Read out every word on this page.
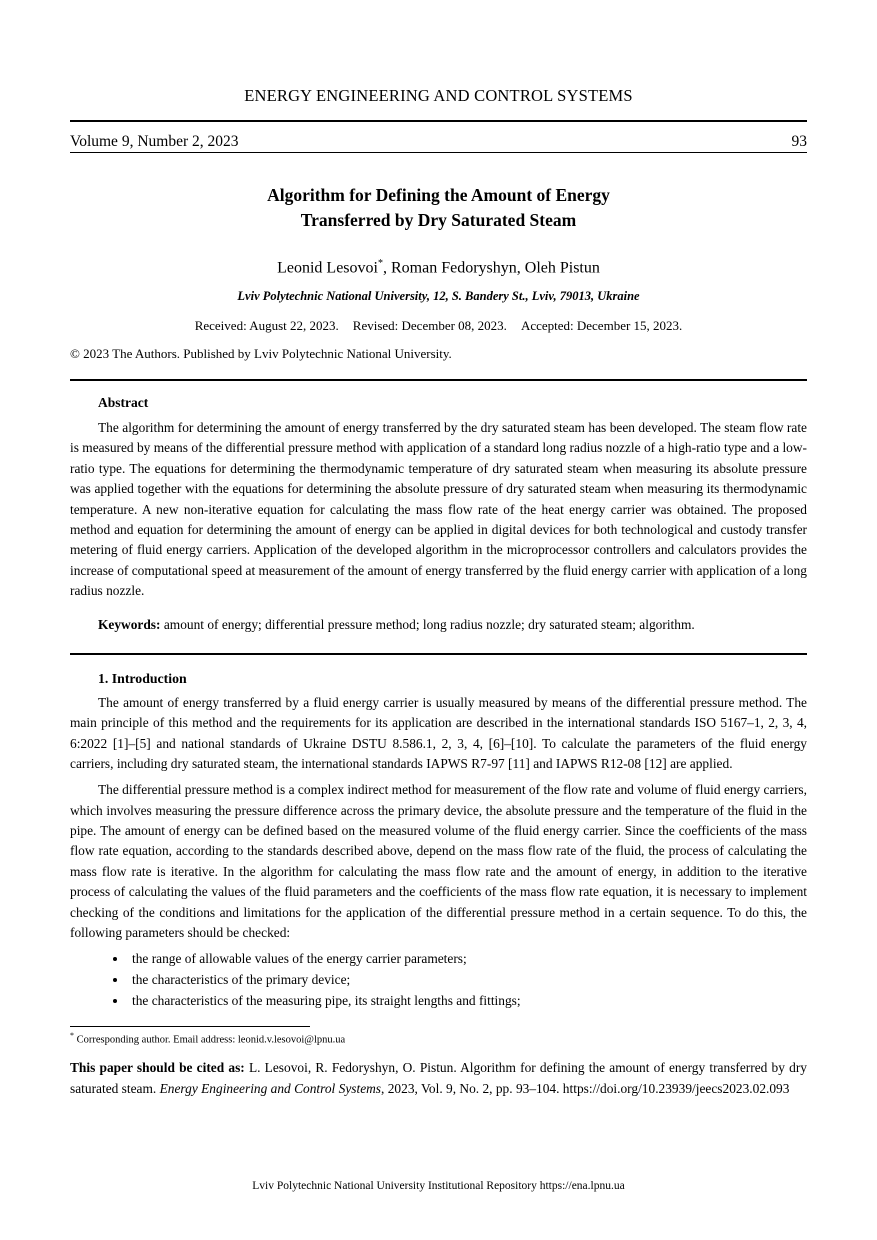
ENERGY ENGINEERING AND CONTROL SYSTEMS
Volume 9, Number 2, 2023	93
Algorithm for Defining the Amount of Energy
Transferred by Dry Saturated Steam
Leonid Lesovoi*, Roman Fedoryshyn, Oleh Pistun
Lviv Polytechnic National University, 12, S. Bandery St., Lviv, 79013, Ukraine
Received: August 22, 2023. Revised: December 08, 2023. Accepted: December 15, 2023.
© 2023 The Authors. Published by Lviv Polytechnic National University.
Abstract
The algorithm for determining the amount of energy transferred by the dry saturated steam has been developed. The steam flow rate is measured by means of the differential pressure method with application of a standard long radius nozzle of a high-ratio type and a low-ratio type. The equations for determining the thermodynamic temperature of dry saturated steam when measuring its absolute pressure was applied together with the equations for determining the absolute pressure of dry saturated steam when measuring its thermodynamic temperature. A new non-iterative equation for calculating the mass flow rate of the heat energy carrier was obtained. The proposed method and equation for determining the amount of energy can be applied in digital devices for both technological and custody transfer metering of fluid energy carriers. Application of the developed algorithm in the microprocessor controllers and calculators provides the increase of computational speed at measurement of the amount of energy transferred by the fluid energy carrier with application of a long radius nozzle.
Keywords: amount of energy; differential pressure method; long radius nozzle; dry saturated steam; algorithm.
1. Introduction

The amount of energy transferred by a fluid energy carrier is usually measured by means of the differential pressure method. The main principle of this method and the requirements for its application are described in the international standards ISO 5167–1, 2, 3, 4, 6:2022 [1]–[5] and national standards of Ukraine DSTU 8.586.1, 2, 3, 4, [6]–[10]. To calculate the parameters of the fluid energy carriers, including dry saturated steam, the international standards IAPWS R7-97 [11] and IAPWS R12-08 [12] are applied.

The differential pressure method is a complex indirect method for measurement of the flow rate and volume of fluid energy carriers, which involves measuring the pressure difference across the primary device, the absolute pressure and the temperature of the fluid in the pipe. The amount of energy can be defined based on the measured volume of the fluid energy carrier. Since the coefficients of the mass flow rate equation, according to the standards described above, depend on the mass flow rate of the fluid, the process of calculating the mass flow rate is iterative. In the algorithm for calculating the mass flow rate and the amount of energy, in addition to the iterative process of calculating the values of the fluid parameters and the coefficients of the mass flow rate equation, it is necessary to implement checking of the conditions and limitations for the application of the differential pressure method in a certain sequence. To do this, the following parameters should be checked:

• the range of allowable values of the energy carrier parameters;
• the characteristics of the primary device;
• the characteristics of the measuring pipe, its straight lengths and fittings;
* Corresponding author. Email address: leonid.v.lesovoi@lpnu.ua
This paper should be cited as: L. Lesovoi, R. Fedoryshyn, O. Pistun. Algorithm for defining the amount of energy transferred by dry saturated steam. Energy Engineering and Control Systems, 2023, Vol. 9, No. 2, pp. 93–104. https://doi.org/10.23939/jeecs2023.02.093
Lviv Polytechnic National University Institutional Repository https://ena.lpnu.ua
